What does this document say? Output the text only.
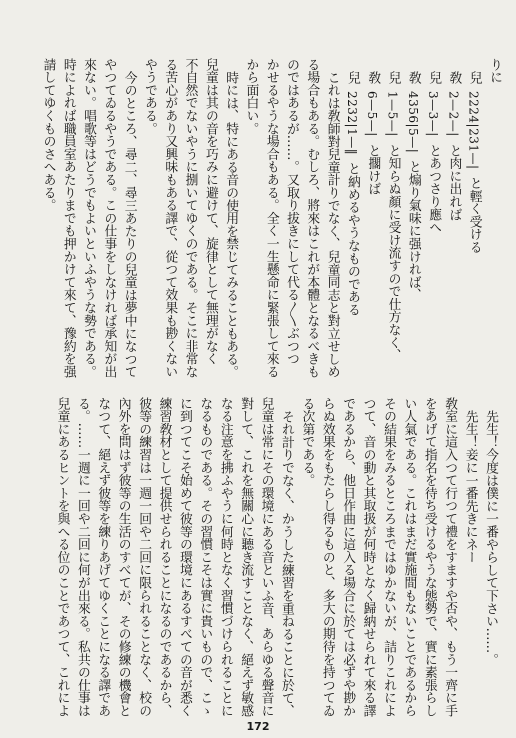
りに
兒2224|231—|と輕く受ける
敎2—2—|と肉に出れば
兒3—3—|とあつさり應へ
敎4356|5—|と煽り氣味に强ければ、
兒1—5—|と知らぬ顏に受け流すので仕方なく、
敎6—5—|と擱けば
兒2232|1—‖と納めるやうなものである
これは敎師對兒童計りでなく、兒童同志と對立せしめ
る場合もある。むしろ、將來はこれが本體となるべきも
のではあるが……。又取り拔きにして代る〳〵ぶつつ
かせるやうな場合もある。全く一生懸命に緊張して來る
から面白い。
時には、特にある音の使用を禁じてみることもある。
兒童は其の音を巧みに避けて、旋律として無理がなく
不自然でないやうに捌いてゆくのである。そこに非常な
る苦心があり又興味もある譯で、從つて效果も尠くない
やうである。
今のところ、尋二、尋三あたりの兒童は夢中になつて
やつてゐるやうである。この仕事をしなければ承知が出
來ない。唱歌等はどうでもよいといふやうな勢である。
時によれば職員室あたりまでも押かけて來て、豫約を强
請してゆくものさへある。
先生！今度は僕に一番やらして下さい……。
先生！妾に一番先きにネー
敎室に這入つて行つて禮をすますや否や、もう一齊に手
をあげて指名を待ち受けるやうな態勢で、實に素張らし
い人氣である。これはまだ實施間もないことであるから
その結果をみるところまではゆかないが、詰りこれによ
つて、音の動と其取扱が何時となく歸納せられて來る譯
であるから、他日作曲に這入る場合に於ては必ずや尠か
らぬ效果をもたらし得るものと、多大の期待を持つてゐ
る次第である。
それ計りでなく、かうした練習を重ねることに於て、
兒童は常にその環境にある音といふ音、あらゆる聲音に
對して、これを無關心に聽き流すことなく、絕えず敏感
なる注意を拂ふやうに何時となく習慣づけられることに
なるものである。その習慣こそは實に貴いもので、こゝ
に到つてこそ始めて彼等の環境にあるすべての音が悉く
練習敎材として提供せられることになるのであるから、
彼等の練習は一週一回や二回に限られることなく、校の
內外を問はず彼等の生活のすべてが、その修練の機會と
なつて、絕えず彼等を練りあげてゆくことになる譯であ
る。……一週に一回や二回に何が出來る。私共の仕事は
兒童にあるヒントを與へる位のことであつて、これによ
172
